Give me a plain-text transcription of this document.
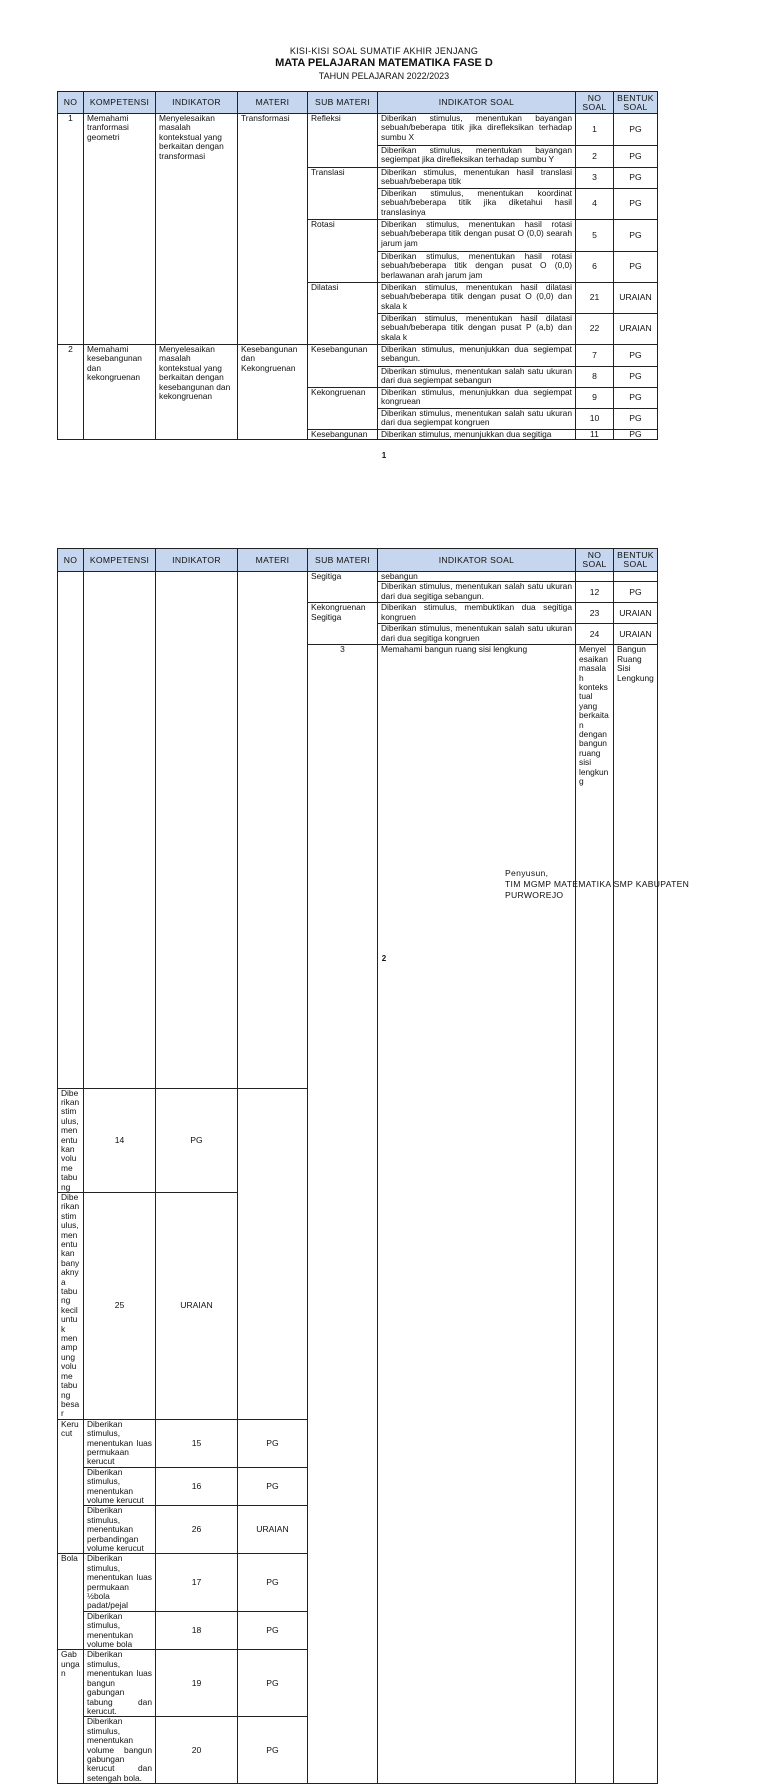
KISI-KISI SOAL SUMATIF AKHIR JENJANG
MATA PELAJARAN MATEMATIKA FASE D
TAHUN PELAJARAN 2022/2023
NO	KOMPETENSI	INDIKATOR	MATERI	SUB MATERI	INDIKATOR SOAL	NO SOAL	BENTUK SOAL
1	Memahami tranformasi geometri	Menyelesaikan masalah kontekstual yang berkaitan dengan transformasi	Transformasi	Refleksi	Diberikan stimulus, menentukan bayangan sebuah/beberapa titik jika direfleksikan terhadap sumbu X	1	PG
					Diberikan stimulus, menentukan bayangan segiempat jika direfleksikan terhadap sumbu Y	2	PG
				Translasi	Diberikan stimulus, menentukan hasil translasi sebuah/beberapa titik	3	PG
					Diberikan stimulus, menentukan koordinat sebuah/beberapa titik jika diketahui hasil translasinya	4	PG
				Rotasi	Diberikan stimulus, menentukan hasil rotasi sebuah/beberapa titik dengan pusat O (0,0) searah jarum jam	5	PG
					Diberikan stimulus, menentukan hasil rotasi sebuah/beberapa titik dengan pusat O (0,0) berlawanan arah jarum jam	6	PG
				Dilatasi	Diberikan stimulus, menentukan hasil dilatasi sebuah/beberapa titik dengan pusat O (0,0) dan skala k	21	URAIAN
					Diberikan stimulus, menentukan hasil dilatasi sebuah/beberapa titik dengan pusat P (a,b) dan skala k	22	URAIAN
2	Memahami kesebangunan dan kekongruenan	Menyelesaikan masalah kontekstual yang berkaitan dengan kesebangunan dan kekongruenan	Kesebangunan dan Kekongruenan	Kesebangunan	Diberikan stimulus, menunjukkan dua segiempat sebangun.	7	PG
					Diberikan stimulus, menentukan salah satu ukuran dari dua segiempat sebangun	8	PG
				Kekongruenan	Diberikan stimulus, menunjukkan dua segiempat kongruean	9	PG
					Diberikan stimulus, menentukan salah satu ukuran dari dua segiempat kongruen	10	PG
				Kesebangunan	Diberikan stimulus, menunjukkan dua segitiga	11	PG
1
NO	KOMPETENSI	INDIKATOR	MATERI	SUB MATERI	INDIKATOR SOAL	NO SOAL	BENTUK SOAL	
				Segitiga	sebangun			
					Diberikan stimulus, menentukan salah satu ukuran dari dua segitiga sebangun.	12	PG	
				Kekongruenan Segitiga	Diberikan stimulus, membuktikan dua segitiga kongruen	23	URAIAN	
					Diberikan stimulus, menentukan salah satu ukuran dari dua segitiga kongruen	24	URAIAN	
				3	Memahami bangun ruang sisi lengkung	Menyelesaikan masalah kontekstual yang berkaitan dengan bangun ruang sisi lengkung	Bangun Ruang Sisi Lengkung				
Diberikan stimulus, menentukan volume tabung	14	PG						
Diberikan stimulus, menentukan banyaknya tabung kecil untuk menampung volume tabung besar	25	URAIAN						
Kerucut	Diberikan stimulus, menentukan luas permukaan kerucut	15	PG					
	Diberikan stimulus, menentukan volume kerucut	16	PG					
	Diberikan stimulus, menentukan perbandingan volume kerucut	26	URAIAN					
Bola	Diberikan stimulus, menentukan luas permukaan ½bola padat/pejal	17	PG					
	Diberikan stimulus, menentukan volume bola	18	PG					
Gabungan	Diberikan stimulus, menentukan luas bangun gabungan tabung dan kerucut.	19	PG					
	Diberikan stimulus, menentukan volume bangun gabungan kerucut dan setengah bola.	20	PG					
Penyusun,
TIM MGMP MATEMATIKA SMP KABUPATEN
PURWOREJO
2
